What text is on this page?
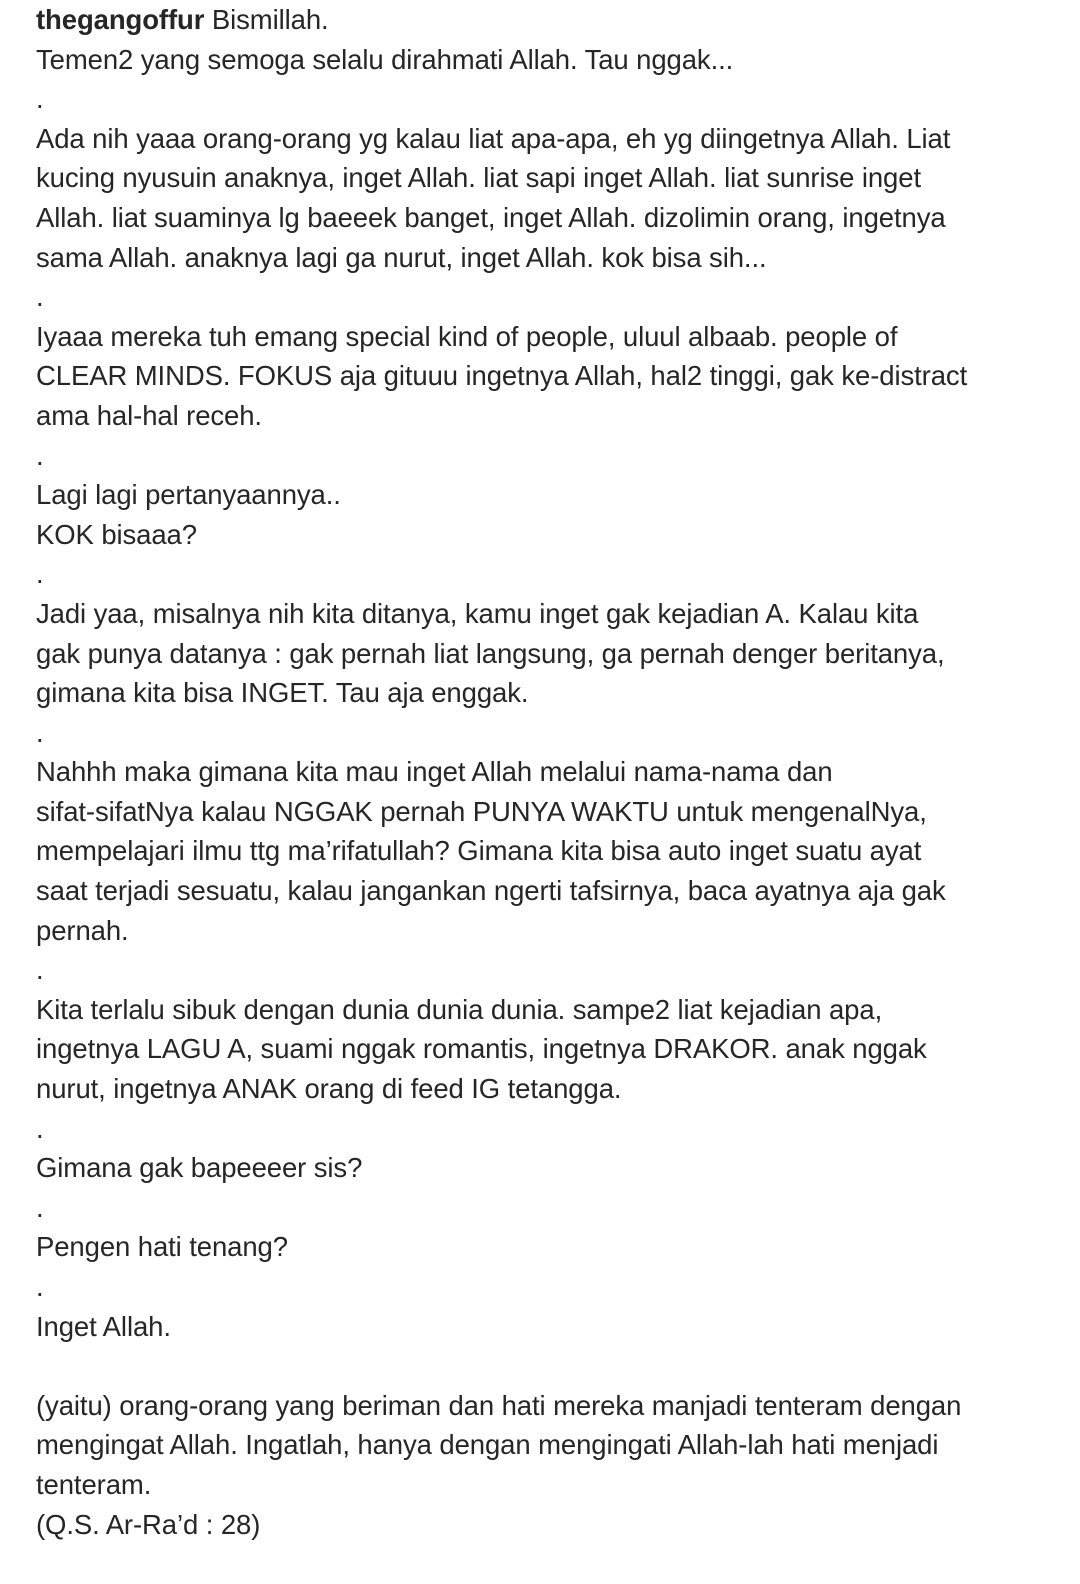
thegangoffur Bismillah.
Temen2 yang semoga selalu dirahmati Allah. Tau nggak...
.
Ada nih yaaa orang-orang yg kalau liat apa-apa, eh yg diingetnya Allah. Liat
kucing nyusuin anaknya, inget Allah. liat sapi inget Allah. liat sunrise inget
Allah. liat suaminya lg baeeek banget, inget Allah. dizolimin orang, ingetnya
sama Allah. anaknya lagi ga nurut, inget Allah. kok bisa sih...
.
Iyaaa mereka tuh emang special kind of people, uluul albaab. people of
CLEAR MINDS. FOKUS aja gituuu ingetnya Allah, hal2 tinggi, gak ke-distract
ama hal-hal receh.
.
Lagi lagi pertanyaannya..
KOK bisaaa?
.
Jadi yaa, misalnya nih kita ditanya, kamu inget gak kejadian A. Kalau kita
gak punya datanya : gak pernah liat langsung, ga pernah denger beritanya,
gimana kita bisa INGET. Tau aja enggak.
.
Nahhh maka gimana kita mau inget Allah melalui nama-nama dan
sifat-sifatNya kalau NGGAK pernah PUNYA WAKTU untuk mengenalNya,
mempelajari ilmu ttg ma’rifatullah? Gimana kita bisa auto inget suatu ayat
saat terjadi sesuatu, kalau jangankan ngerti tafsirnya, baca ayatnya aja gak
pernah.
.
Kita terlalu sibuk dengan dunia dunia dunia. sampe2 liat kejadian apa,
ingetnya LAGU A, suami nggak romantis, ingetnya DRAKOR. anak nggak
nurut, ingetnya ANAK orang di feed IG tetangga.
.
Gimana gak bapeeeer sis?
.
Pengen hati tenang?
.
Inget Allah.
(yaitu) orang-orang yang beriman dan hati mereka manjadi tenteram dengan
mengingat Allah. Ingatlah, hanya dengan mengingati Allah-lah hati menjadi
tenteram.
(Q.S. Ar-Ra’d : 28)
